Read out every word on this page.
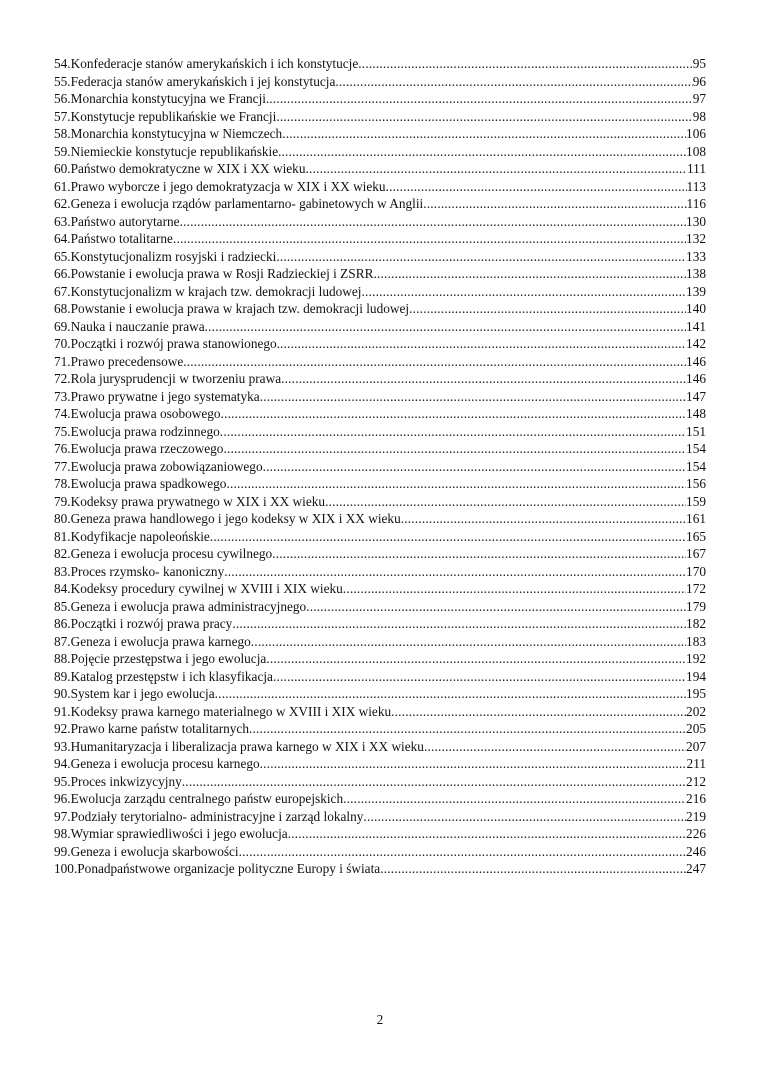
54.Konfederacje stanów amerykańskich i ich konstytucje .....	95
55.Federacja stanów amerykańskich i jej konstytucja .....	96
56.Monarchia konstytucyjna we Francji. .....	97
57.Konstytucje republikańskie we Francji .....	98
58.Monarchia konstytucyjna w Niemczech .....	106
59.Niemieckie konstytucje republikańskie. .....	108
60.Państwo demokratyczne w XIX i XX wieku .....	111
61.Prawo wyborcze i jego demokratyzacja w XIX i XX wieku .....	113
62.Geneza i ewolucja rządów parlamentarno- gabinetowych w Anglii .....	116
63.Państwo autorytarne .....	130
64.Państwo totalitarne .....	132
65.Konstytucjonalizm rosyjski i radziecki .....	133
66.Powstanie i ewolucja prawa w Rosji Radzieckiej i ZSRR .....	138
67.Konstytucjonalizm w krajach tzw. demokracji ludowej .....	139
68.Powstanie i ewolucja prawa w krajach tzw. demokracji ludowej .....	140
69.Nauka i nauczanie prawa .....	141
70.Początki i rozwój prawa stanowionego. .....	142
71.Prawo precedensowe .....	146
72.Rola jurysprudencji w tworzeniu prawa .....	146
73.Prawo prywatne i jego systematyka .....	147
74.Ewolucja prawa osobowego .....	148
75.Ewolucja prawa rodzinnego .....	151
76.Ewolucja prawa rzeczowego .....	154
77.Ewolucja prawa zobowiązaniowego .....	154
78.Ewolucja prawa spadkowego .....	156
79.Kodeksy prawa prywatnego w XIX i XX wieku .....	159
80.Geneza prawa handlowego i jego kodeksy w XIX i XX wieku .....	161
81.Kodyfikacje napoleońskie .....	165
82.Geneza i ewolucja procesu cywilnego .....	167
83.Proces rzymsko- kanoniczny .....	170
84.Kodeksy procedury cywilnej w XVIII i XIX wieku .....	172
85.Geneza i ewolucja prawa administracyjnego .....	179
86.Początki i rozwój prawa pracy .....	182
87.Geneza i ewolucja prawa karnego .....	183
88.Pojęcie przestępstwa i jego ewolucja .....	192
89.Katalog przestępstw i ich klasyfikacja .....	194
90.System kar i jego ewolucja .....	195
91.Kodeksy prawa karnego materialnego w XVIII i XIX wieku .....	202
92.Prawo karne państw totalitarnych .....	205
93.Humanitaryzacja i liberalizacja prawa karnego w XIX i XX wieku .....	207
94.Geneza i ewolucja procesu karnego .....	211
95.Proces inkwizycyjny .....	212
96.Ewolucja zarządu centralnego państw europejskich .....	216
97.Podziały terytorialno- administracyjne i zarząd lokalny .....	219
98.Wymiar sprawiedliwości i jego ewolucja .....	226
99.Geneza i ewolucja skarbowości .....	246
100.Ponadpaństwowe organizacje polityczne Europy i świata .....	247
2
